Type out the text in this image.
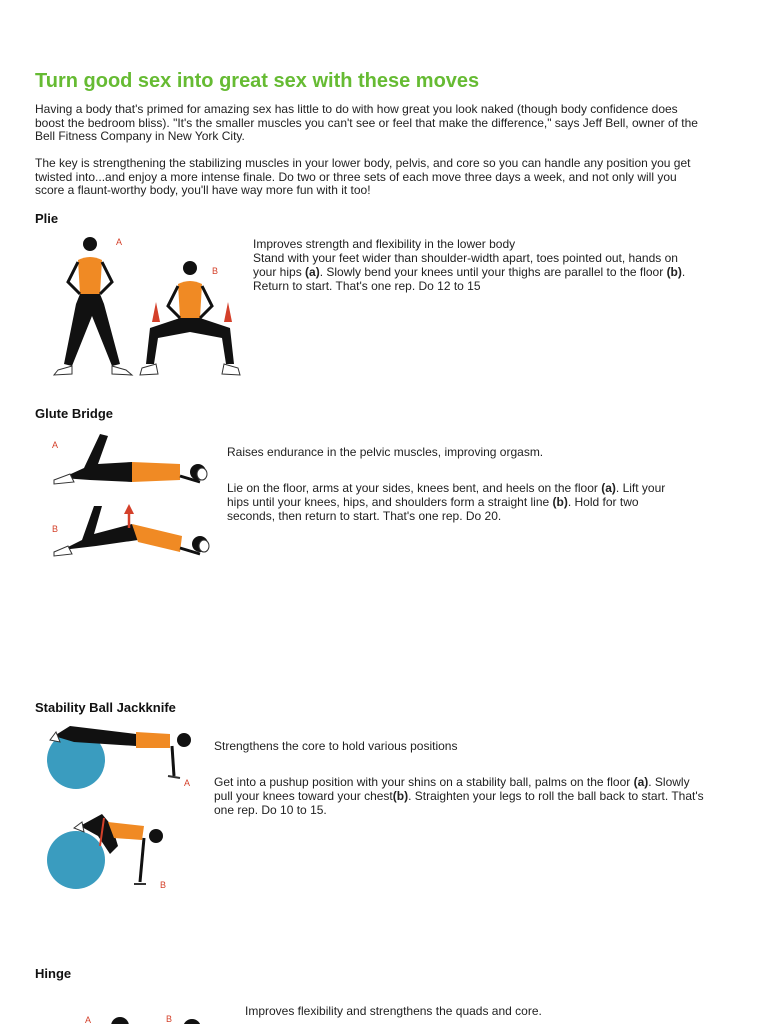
Turn good sex into great sex with these moves

Having a body that's primed for amazing sex has little to do with how great you look naked (though body confidence does boost the bedroom bliss). "It's the smaller muscles you can't see or feel that make the difference," says Jeff Bell, owner of the Bell Fitness Company in New York City.

The key is strengthening the stabilizing muscles in your lower body, pelvis, and core so you can handle any position you get twisted into...and enjoy a more intense finale. Do two or three sets of each move three days a week, and not only will you score a flaunt-worthy body, you'll have way more fun with it too!

Plie
A
B

Improves strength and flexibility in the lower body

Stand with your feet wider than shoulder-width apart, toes pointed out, hands on your hips (a). Slowly bend your knees until your thighs are parallel to the floor (b). Return to start. That's one rep. Do 12 to 15

Glute Bridge
A
B

Raises endurance in the pelvic muscles, improving orgasm.

Lie on the floor, arms at your sides, knees bent, and heels on the floor (a). Lift your hips until your knees, hips, and shoulders form a straight line (b). Hold for two seconds, then return to start. That's one rep. Do 20.

Stability Ball Jackknife
A
B

Strengthens the core to hold various positions

Get into a pushup position with your shins on a stability ball, palms on the floor (a). Slowly pull your knees toward your chest(b). Straighten your legs to roll the ball back to start. That's one rep. Do 10 to 15.

Hinge
A	B

Improves flexibility and strengthens the quads and core.
